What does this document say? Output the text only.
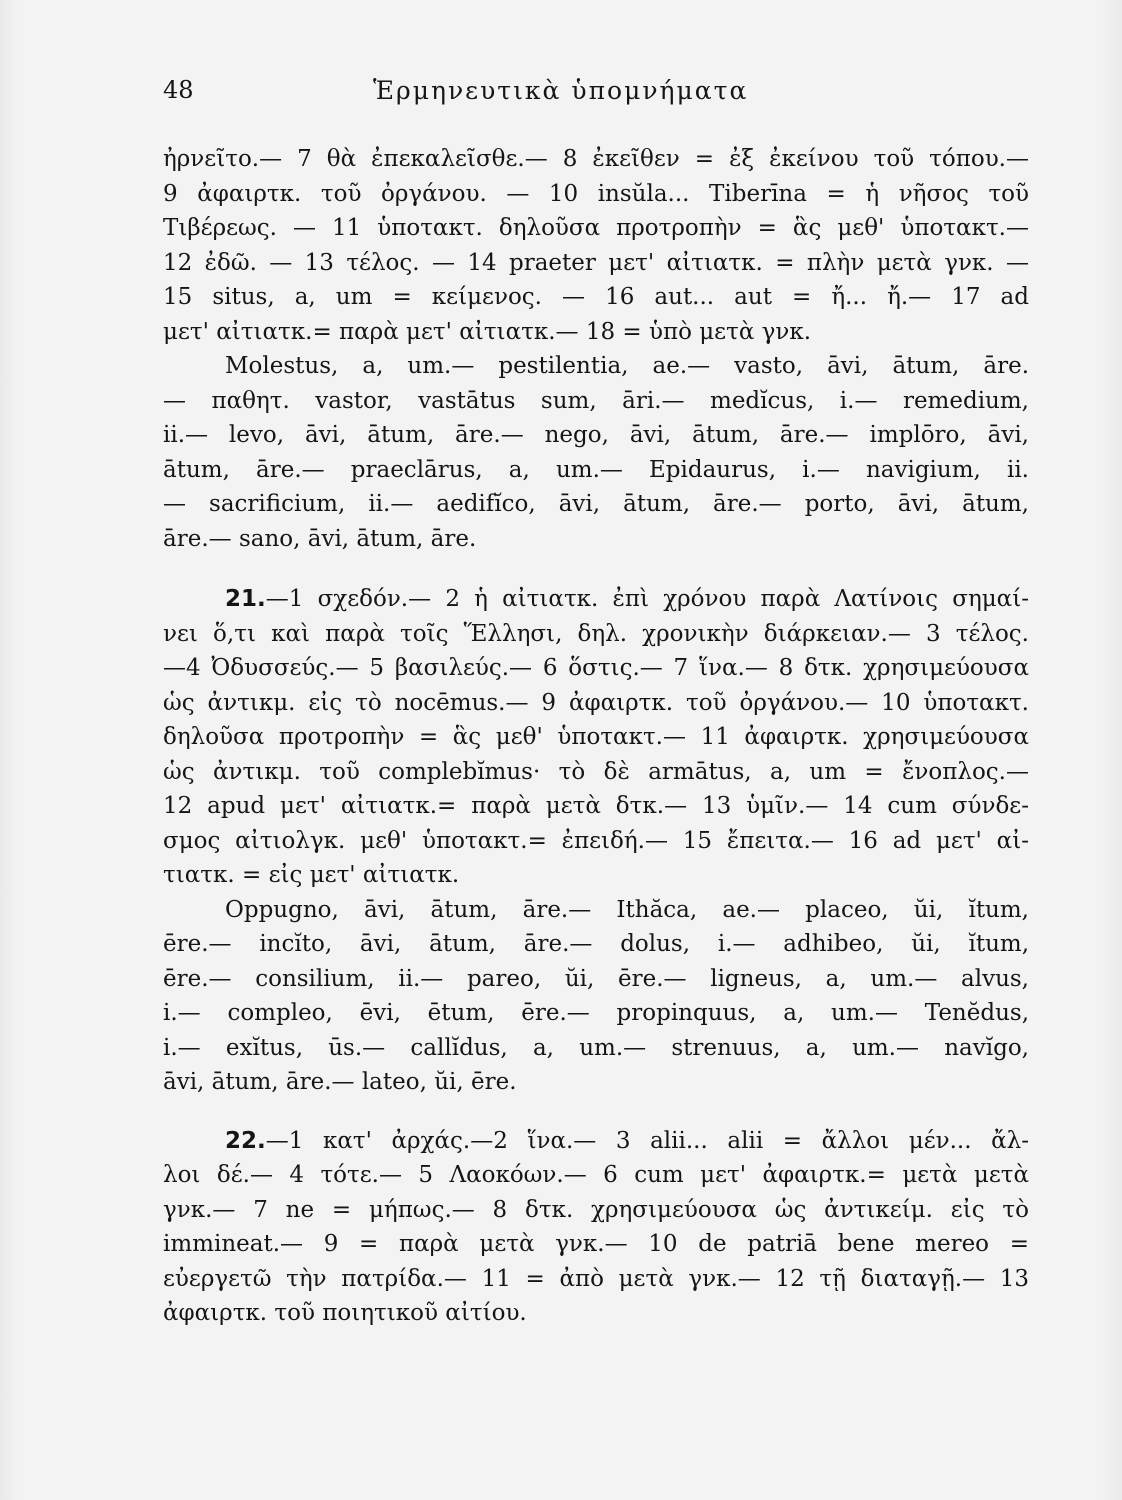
48	Ἑρμηνευτικὰ ὑπομνήματα
ἠρνεῖτο.— 7 θὰ ἐπεκαλεῖσθε.— 8 ἐκεῖθεν = ἐξ ἐκείνου τοῦ τόπου.—
9 ἀφαιρτκ. τοῦ ὀργάνου. — 10 insŭla... Tiberīna = ἡ νῆσος τοῦ
Τιβέρεως. — 11 ὑποτακτ. δηλοῦσα προτροπὴν = ἃς μεθ' ὑποτακτ.—
12 ἐδῶ. — 13 τέλος. — 14 praeter μετ' αἰτιατκ. = πλὴν μετὰ γνκ. —
15 situs, a, um = κείμενος. — 16 aut... aut = ἤ... ἤ.— 17 ad
μετ' αἰτιατκ.= παρὰ μετ' αἰτιατκ.— 18 = ὑπὸ μετὰ γνκ.
Molestus, a, um.— pestilentia, ae.— vasto, āvi, ātum, āre.
— παθητ. vastor, vastātus sum, āri.— medĭcus, i.— remedium,
ii.— levo, āvi, ātum, āre.— nego, āvi, ātum, āre.— implōro, āvi,
ātum, āre.— praeclārus, a, um.— Epidaurus, i.— navigium, ii.
— sacrificium, ii.— aedifĭco, āvi, ātum, āre.— porto, āvi, ātum,
āre.— sano, āvi, ātum, āre.
21.—1 σχεδόν.— 2 ἡ αἰτιατκ. ἐπὶ χρόνου παρὰ Λατίνοις σημαί-
νει ὅ,τι καὶ παρὰ τοῖς Ἕλλησι, δηλ. χρονικὴν διάρκειαν.— 3 τέλος.
—4 Ὀδυσσεύς.— 5 βασιλεύς.— 6 ὅστις.— 7 ἵνα.— 8 δτκ. χρησιμεύουσα
ὡς ἀντικμ. εἰς τὸ nocēmus.— 9 ἀφαιρτκ. τοῦ ὀργάνου.— 10 ὑποτακτ.
δηλοῦσα προτροπὴν = ἃς μεθ' ὑποτακτ.— 11 ἀφαιρτκ. χρησιμεύουσα
ὡς ἀντικμ. τοῦ complebĭmus· τὸ δὲ armātus, a, um = ἔνοπλος.—
12 apud μετ' αἰτιατκ.= παρὰ μετὰ δτκ.— 13 ὑμῖν.— 14 cum σύνδε-
σμος αἰτιολγκ. μεθ' ὑποτακτ.= ἐπειδή.— 15 ἔπειτα.— 16 ad μετ' αἰ-
τιατκ. = εἰς μετ' αἰτιατκ.
Oppugno, āvi, ātum, āre.— Ithăca, ae.— placeo, ŭi, ĭtum,
ēre.— incĭto, āvi, ātum, āre.— dolus, i.— adhibeo, ŭi, ĭtum,
ēre.— consilium, ii.— pareo, ŭi, ēre.— ligneus, a, um.— alvus,
i.— compleo, ēvi, ētum, ēre.— propinquus, a, um.— Tenĕdus,
i.— exĭtus, ūs.— callĭdus, a, um.— strenuus, a, um.— navĭgo,
āvi, ātum, āre.— lateo, ŭi, ēre.
22.—1 κατ' ἀρχάς.—2 ἵνα.— 3 alii... alii = ἄλλοι μέν... ἄλ-
λοι δέ.— 4 τότε.— 5 Λαοκόων.— 6 cum μετ' ἀφαιρτκ.= μετὰ μετὰ
γνκ.— 7 ne = μήπως.— 8 δτκ. χρησιμεύουσα ὡς ἀντικείμ. εἰς τὸ
immineat.— 9 = παρὰ μετὰ γνκ.— 10 de patriā bene mereo =
εὐεργετῶ τὴν πατρίδα.— 11 = ἀπὸ μετὰ γνκ.— 12 τῇ διαταγῇ.— 13
ἀφαιρτκ. τοῦ ποιητικοῦ αἰτίου.
